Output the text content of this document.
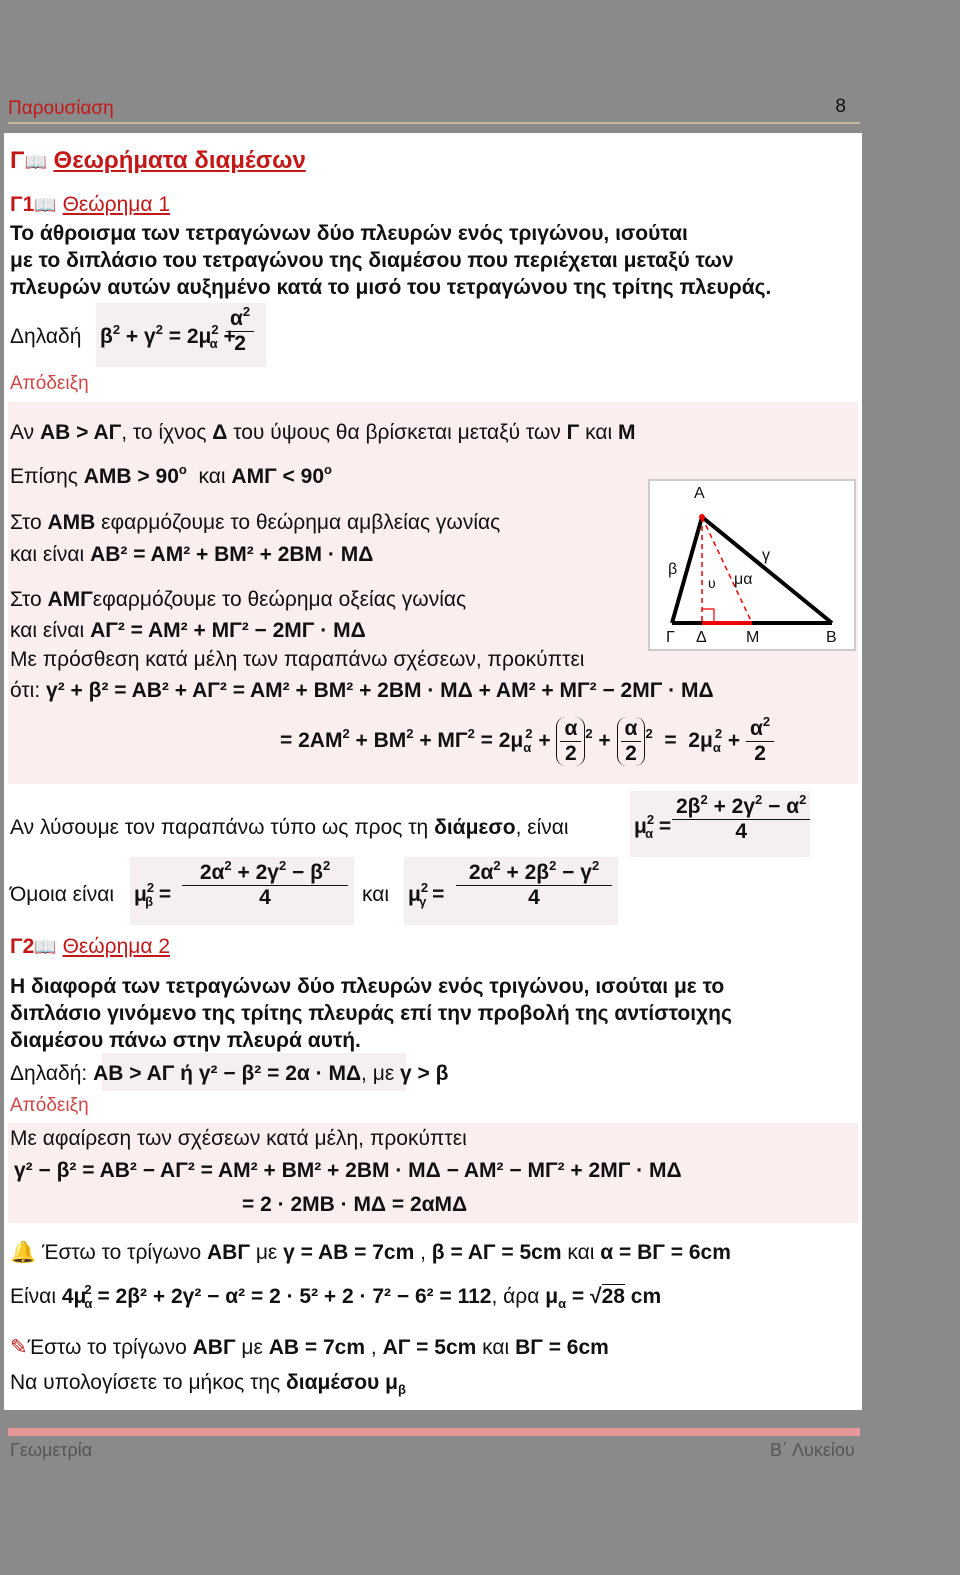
Παρουσίαση	8
Γ📖 Θεωρήματα διαμέσων
Γ1📖 Θεώρημα 1
Το άθροισμα των τετραγώνων δύο πλευρών ενός τριγώνου, ισούται
με το διπλάσιο του τετραγώνου της διαμέσου που περιέχεται μεταξύ των
πλευρών αυτών αυξημένο κατά το μισό του τετραγώνου της τρίτης πλευράς.
Δηλαδή $\beta^2 + \gamma^2 = 2\mu^2_\alpha$ +
$\frac{\alpha^2}{2}$
Απόδειξη
Αν ΑΒ > ΑΓ, το ίχνος Δ του ύψους θα βρίσκεται μεταξύ των Γ και Μ
Επίσης $AMB > 90^o$ και $AM\Gamma < 90^o$
Στο ΑΜΒ εφαρμόζουμε το θεώρημα αμβλείας γωνίας
και είναι ΑΒ² = ΑΜ² + ΒΜ² + 2ΒΜ · ΜΔ
Στο ΑΜΓεφαρμόζουμε το θεώρημα οξείας γωνίας
και είναι ΑΓ² = ΑΜ² + ΜΓ² − 2ΜΓ · ΜΔ
Με πρόσθεση κατά μέλη των παραπάνω σχέσεων, προκύπτει
ότι: γ² + β² = ΑΒ² + ΑΓ² = ΑΜ² + ΒΜ² + 2ΒΜ · ΜΔ + ΑΜ² + ΜΓ² − 2ΜΓ · ΜΔ
= $2AM^2 + BM^2 + M\Gamma^2 = 2\mu_\alpha^2 + \frac{\alpha}{2} ^2 + \frac{\alpha}{2} ^2 = 2\mu_\alpha^2 + \frac{\alpha^2}{2}$
Α
Γ Δ Μ	Β
β
γ
μα
υ
Αν λύσουμε τον παραπάνω τύπο ως προς τη διάμεσο, είναι	$\mu^2_\alpha = \frac{2\beta^2 + 2\gamma^2 - \alpha^2}{4}$
Όμοια είναι $\mu^2_\beta = \frac{2\alpha^2 + 2\gamma^2 - \beta^2}{4}$ και $\mu^2_\gamma = \frac{2\alpha^2 + 2\beta^2 - \gamma^2}{4}$
Γ2📖 Θεώρημα 2
Η διαφορά των τετραγώνων δύο πλευρών ενός τριγώνου, ισούται με το
διπλάσιο γινόμενο της τρίτης πλευράς επί την προβολή της αντίστοιχης
διαμέσου πάνω στην πλευρά αυτή.
Δηλαδή: ΑΒ > ΑΓ ή γ² − β² = 2α · ΜΔ, με γ > β
Απόδειξη
Με αφαίρεση των σχέσεων κατά μέλη, προκύπτει
γ² − β² = ΑΒ² − ΑΓ² = ΑΜ² + ΒΜ² + 2ΒΜ · ΜΔ − ΑΜ² − ΜΓ² + 2ΜΓ · ΜΔ
= 2 · 2ΜΒ · ΜΔ = 2αΜΔ
🔔 Έστω το τρίγωνο ΑΒΓ με γ = ΑΒ = 7cm , β = ΑΓ = 5cm και α = ΒΓ = 6cm
Είναι $4\mu_\alpha^2 = 2\beta^2 + 2\gamma^2 - \alpha^2 = 2 \cdot 5^2 + 2 \cdot 7^2 - 6^2 = 112$, άρα $\mu_\alpha = √28$ cm
✎Έστω το τρίγωνο ΑΒΓ με ΑΒ = 7cm , ΑΓ = 5cm και ΒΓ = 6cm
Να υπολογίσετε το μήκος της διαμέσου $\mu_\beta$
Γεωμετρία	Β΄ Λυκείου
